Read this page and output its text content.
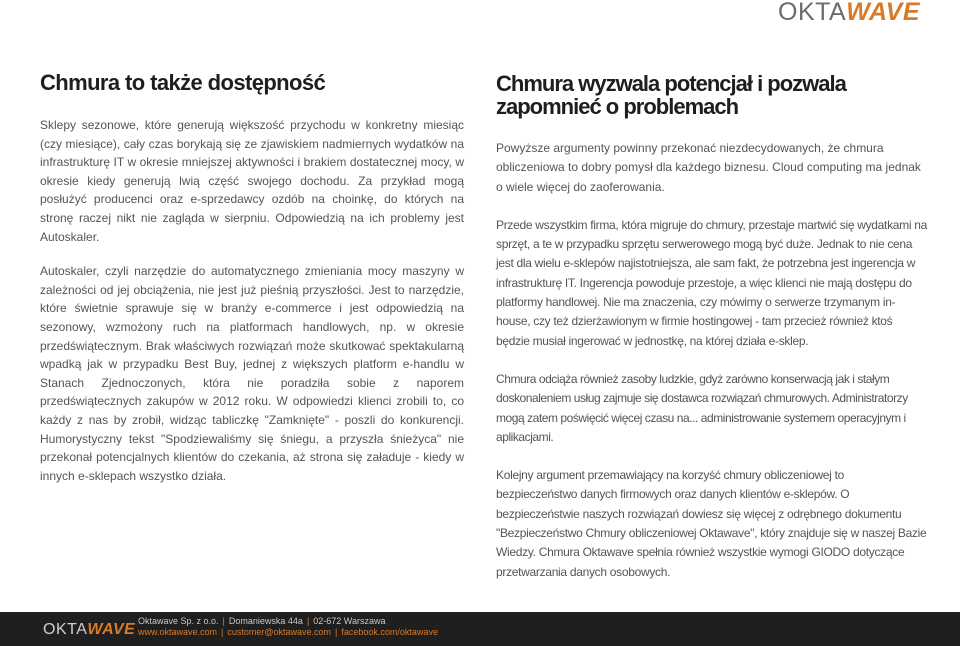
OKTAWAVE
Chmura to także dostępność

Sklepy sezonowe, które generują większość przychodu w konkretny miesiąc (czy miesiące), cały czas borykają się ze zjawiskiem nadmiernych wydatków na infrastrukturę IT w okresie mniejszej aktywności i brakiem dostatecznej mocy, w okresie kiedy generują lwią część swojego dochodu. Za przykład mogą posłużyć producenci oraz e-sprzedawcy ozdób na choinkę, do których na stronę raczej nikt nie zagląda w sierpniu. Odpowiedzią na ich problemy jest Autoskaler.

Autoskaler, czyli narzędzie do automatycznego zmieniania mocy maszyny w zależności od jej obciążenia, nie jest już pieśnią przyszłości. Jest to narzędzie, które świetnie sprawuje się w branży e-commerce i jest odpowiedzią na sezonowy, wzmożony ruch na platformach handlowych, np. w okresie przedświątecznym. Brak właściwych rozwiązań może skutkować spektakularną wpadką jak w przypadku Best Buy, jednej z większych platform e-handlu w Stanach Zjednoczonych, która nie poradziła sobie z naporem przedświątecznych zakupów w 2012 roku. W odpowiedzi klienci zrobili to, co każdy z nas by zrobił, widząc tabliczkę "Zamknięte" - poszli do konkurencji. Humorystyczny tekst "Spodziewaliśmy się śniegu, a przyszła śnieżyca" nie przekonał potencjalnych klientów do czekania, aż strona się załaduje - kiedy w innych e-sklepach wszystko działa.

Chmura wyzwala potencjał i pozwala zapomnieć o problemach

Powyższe argumenty powinny przekonać niezdecydowanych, że chmura obliczeniowa to dobry pomysł dla każdego biznesu. Cloud computing ma jednak o wiele więcej do zaoferowania.

Przede wszystkim firma, która migruje do chmury, przestaje martwić się wydatkami na sprzęt, a te w przypadku sprzętu serwerowego mogą być duże. Jednak to nie cena jest dla wielu e-sklepów najistotniejsza, ale sam fakt, że potrzebna jest ingerencja w infrastrukturę IT. Ingerencja powoduje przestoje, a więc klienci nie mają dostępu do platformy handlowej. Nie ma znaczenia, czy mówimy o serwerze trzymanym in-house, czy też dzierżawionym w firmie hostingowej - tam przecież również ktoś będzie musiał ingerować w jednostkę, na której działa e-sklep.

Chmura odciąża również zasoby ludzkie, gdyż zarówno konserwacją jak i stałym doskonaleniem usług zajmuje się dostawca rozwiązań chmurowych. Administratorzy mogą zatem poświęcić więcej czasu na... administrowanie systemem operacyjnym i aplikacjami.

Kolejny argument przemawiający na korzyść chmury obliczeniowej to bezpieczeństwo danych firmowych oraz danych klientów e-sklepów. O bezpieczeństwie naszych rozwiązań dowiesz się więcej z odrębnego dokumentu "Bezpieczeństwo Chmury obliczeniowej Oktawave", który znajduje się w naszej Bazie Wiedzy. Chmura Oktawave spełnia również wszystkie wymogi GIODO dotyczące przetwarzania danych osobowych.

OKTAWAVE Oktawave Sp. z o.o. | Domaniewska 44a | 02-672 Warszawa
www.oktawave.com | customer@oktawave.com | facebook.com/oktawave
